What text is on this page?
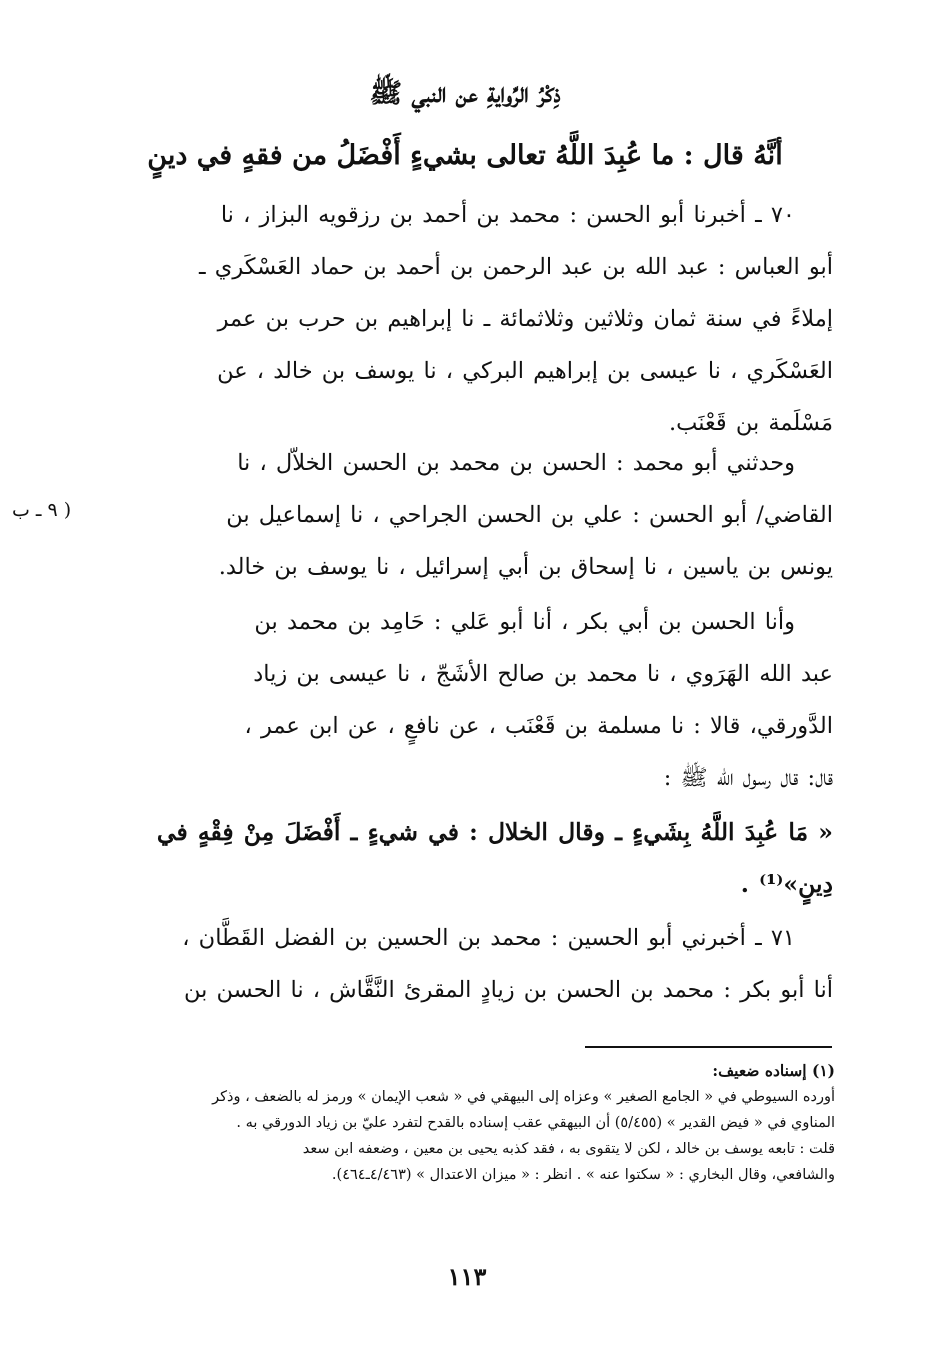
ذِكْرُ الرِّوايةِ عن النبي ﷺ
أنَّهُ قال : ما عُبِدَ اللَّهُ تعالى بشيءٍ أَفْضَلُ من فقهٍ في دينٍ
٧٠ ـ أخبرنا أبو الحسن : محمد بن أحمد بن رزقويه البزاز ، نا
أبو العباس : عبد الله بن عبد الرحمن بن أحمد بن حماد العَسْكَري ـ
إملاءً في سنة ثمان وثلاثين وثلاثمائة ـ نا إبراهيم بن حرب بن عمر
العَسْكَري ، نا عيسى بن إبراهيم البركي ، نا يوسف بن خالد ، عن
مَسْلَمة بن قَعْنَب.
وحدثني أبو محمد : الحسن بن محمد بن الحسن الخلاّل ، نا
القاضي/ أبو الحسن : علي بن الحسن الجراحي ، نا إسماعيل بن
يونس بن ياسين ، نا إسحاق بن أبي إسرائيل ، نا يوسف بن خالد.
( ٩ ـ ب
وأنا الحسن بن أبي بكر ، أنا أبو عَلي : حَامِد بن محمد بن
عبد الله الهَرَوي ، نا محمد بن صالح الأشَجّ ، نا عيسى بن زياد
الدَّورقي، قالا : نا مسلمة بن قَعْنَب ، عن نافعٍ ، عن ابن عمر ،
قال: قال رسول الله ﷺ :
« مَا عُبِدَ اللَّهُ بِشَيءٍ ـ وقال الخلال : في شيءٍ ـ أَفْضَلَ مِنْ فِقْهٍ في
دِينٍ»⁽¹⁾ .
٧١ ـ أخبرني أبو الحسين : محمد بن الحسين بن الفضل القَطَّان ،
أنا أبو بكر : محمد بن الحسن بن زيادٍ المقرئ النَّقَّاش ، نا الحسن بن
(١) إسناده ضعيف:
أورده السيوطي في « الجامع الصغير » وعزاه إلى البيهقي في « شعب الإيمان » ورمز له بالضعف ، وذكر
المناوي في « فيض القدير » (٥/٤٥٥) أن البيهقي عقب إسناده بالقدح لتفرد عليّ بن زياد الدورقي به .
قلت : تابعه يوسف بن خالد ، لكن لا يتقوى به ، فقد كذبه يحيى بن معين ، وضعفه ابن سعد
والشافعي، وقال البخاري : « سكتوا عنه » . انظر : « ميزان الاعتدال » (٤/٤٦٣ـ٤٦٤).
١١٣
